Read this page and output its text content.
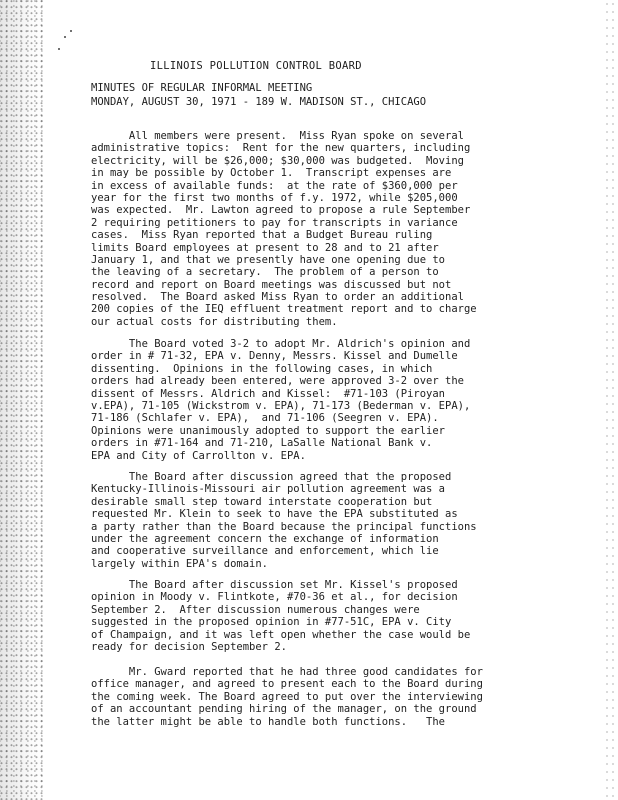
ILLINOIS POLLUTION CONTROL BOARD
MINUTES OF REGULAR INFORMAL MEETING
MONDAY, AUGUST 30, 1971 - 189 W. MADISON ST., CHICAGO
All members were present.  Miss Ryan spoke on several
administrative topics:  Rent for the new quarters, including
electricity, will be $26,000; $30,000 was budgeted.  Moving
in may be possible by October 1.  Transcript expenses are
in excess of available funds:  at the rate of $360,000 per
year for the first two months of f.y. 1972, while $205,000
was expected.  Mr. Lawton agreed to propose a rule September
2 requiring petitioners to pay for transcripts in variance
cases.  Miss Ryan reported that a Budget Bureau ruling
limits Board employees at present to 28 and to 21 after
January 1, and that we presently have one opening due to
the leaving of a secretary.  The problem of a person to
record and report on Board meetings was discussed but not
resolved.  The Board asked Miss Ryan to order an additional
200 copies of the IEQ effluent treatment report and to charge
our actual costs for distributing them.
The Board voted 3-2 to adopt Mr. Aldrich's opinion and
order in # 71-32, EPA v. Denny, Messrs. Kissel and Dumelle
dissenting.  Opinions in the following cases, in which
orders had already been entered, were approved 3-2 over the
dissent of Messrs. Aldrich and Kissel:  #71-103 (Piroyan
v.EPA), 71-105 (Wickstrom v. EPA), 71-173 (Bederman v. EPA),
71-186 (Schlafer v. EPA),  and 71-106 (Seegren v. EPA).
Opinions were unanimously adopted to support the earlier
orders in #71-164 and 71-210, LaSalle National Bank v.
EPA and City of Carrollton v. EPA.
The Board after discussion agreed that the proposed
Kentucky-Illinois-Missouri air pollution agreement was a
desirable small step toward interstate cooperation but
requested Mr. Klein to seek to have the EPA substituted as
a party rather than the Board because the principal functions
under the agreement concern the exchange of information
and cooperative surveillance and enforcement, which lie
largely within EPA's domain.
The Board after discussion set Mr. Kissel's proposed
opinion in Moody v. Flintkote, #70-36 et al., for decision
September 2.  After discussion numerous changes were
suggested in the proposed opinion in #77-51C, EPA v. City
of Champaign, and it was left open whether the case would be
ready for decision September 2.
Mr. Gward reported that he had three good candidates for
office manager, and agreed to present each to the Board during
the coming week. The Board agreed to put over the interviewing
of an accountant pending hiring of the manager, on the ground
the latter might be able to handle both functions.   The
